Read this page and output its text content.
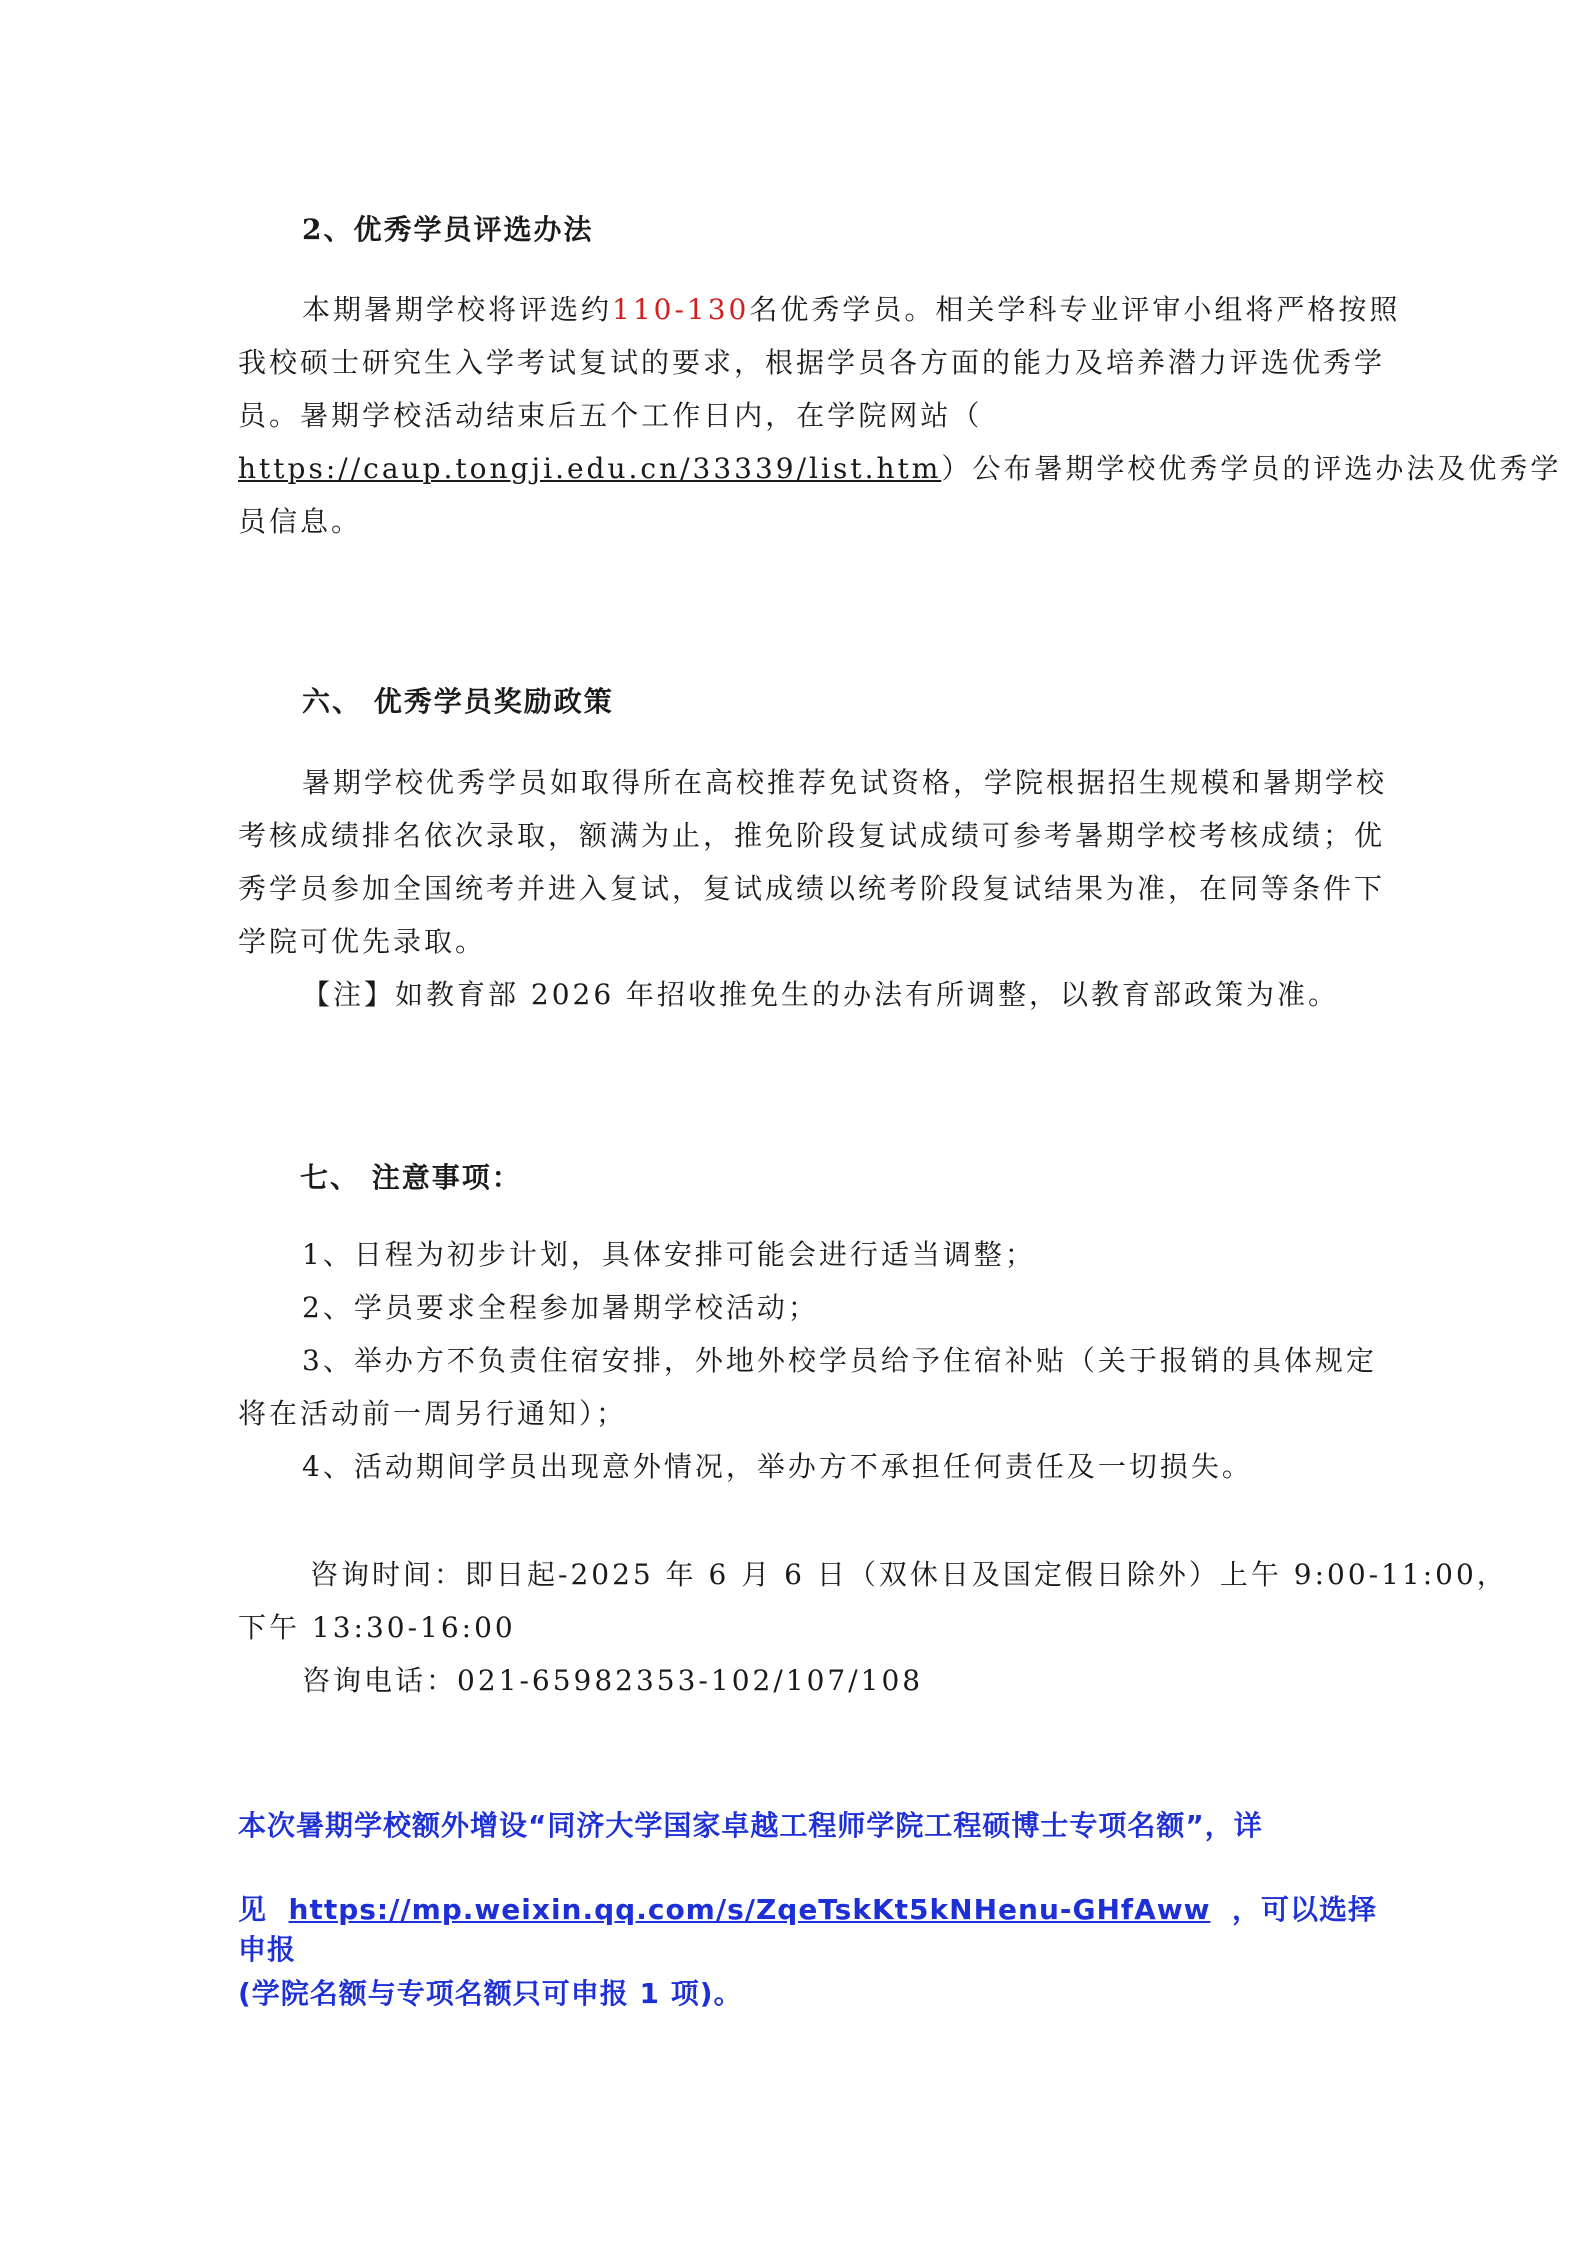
2、优秀学员评选办法
本期暑期学校将评选约110-130名优秀学员。相关学科专业评审小组将严格按照
我校硕士研究生入学考试复试的要求，根据学员各方面的能力及培养潜力评选优秀学
员。暑期学校活动结束后五个工作日内，在学院网站（
https://caup.tongji.edu.cn/33339/list.htm）公布暑期学校优秀学员的评选办法及优秀学
员信息。
六、 优秀学员奖励政策
暑期学校优秀学员如取得所在高校推荐免试资格，学院根据招生规模和暑期学校
考核成绩排名依次录取，额满为止，推免阶段复试成绩可参考暑期学校考核成绩；优
秀学员参加全国统考并进入复试，复试成绩以统考阶段复试结果为准，在同等条件下
学院可优先录取。
【注】如教育部 2026 年招收推免生的办法有所调整，以教育部政策为准。
七、 注意事项：
1、日程为初步计划，具体安排可能会进行适当调整；
2、学员要求全程参加暑期学校活动；
3、举办方不负责住宿安排，外地外校学员给予住宿补贴（关于报销的具体规定
将在活动前一周另行通知）；
4、活动期间学员出现意外情况，举办方不承担任何责任及一切损失。
咨询时间：即日起-2025 年 6 月 6 日（双休日及国定假日除外）上午 9:00-11:00，
下午 13:30-16:00
咨询电话：021-65982353-102/107/108
本次暑期学校额外增设“同济大学国家卓越工程师学院工程硕博士专项名额”，详
见 https://mp.weixin.qq.com/s/ZqeTskKt5kNHenu-GHfAww ，可以选择申报
(学院名额与专项名额只可申报 1 项)。
